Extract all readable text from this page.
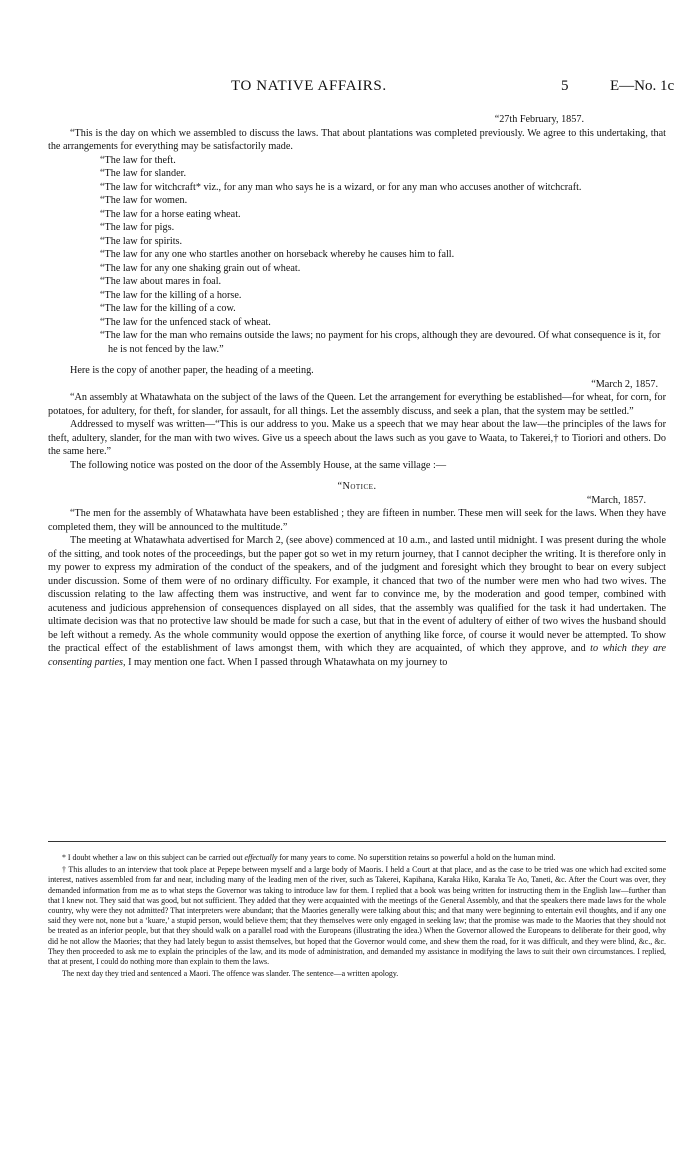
TO NATIVE AFFAIRS.	5	E—No. 1c

“27th February, 1857.

“This is the day on which we assembled to discuss the laws. That about plantations was completed previously. We agree to this undertaking, that the arrangements for everything may be satisfactorily made.

“The law for theft.

“The law for slander.

“The law for witchcraft* viz., for any man who says he is a wizard, or for any man who accuses another of witchcraft.

“The law for women.

“The law for a horse eating wheat.

“The law for pigs.

“The law for spirits.

“The law for any one who startles another on horseback whereby he causes him to fall.

“The law for any one shaking grain out of wheat.

“The law about mares in foal.

“The law for the killing of a horse.

“The law for the killing of a cow.

“The law for the unfenced stack of wheat.

“The law for the man who remains outside the laws; no payment for his crops, although they are devoured. Of what consequence is it, for he is not fenced by the law.”

Here is the copy of another paper, the heading of a meeting.

“March 2, 1857.

“An assembly at Whatawhata on the subject of the laws of the Queen. Let the arrangement for everything be established—for wheat, for corn, for potatoes, for adultery, for theft, for slander, for assault, for all things. Let the assembly discuss, and seek a plan, that the system may be settled.”

Addressed to myself was written—“This is our address to you. Make us a speech that we may hear about the law—the principles of the laws for theft, adultery, slander, for the man with two wives. Give us a speech about the laws such as you gave to Waata, to Takerei,† to Tioriori and others. Do the same here.”

The following notice was posted on the door of the Assembly House, at the same village :—

“Notice.

“March, 1857.

“The men for the assembly of Whatawhata have been established ; they are fifteen in number. These men will seek for the laws. When they have completed them, they will be announced to the multitude.”

The meeting at Whatawhata advertised for March 2, (see above) commenced at 10 a.m., and lasted until midnight. I was present during the whole of the sitting, and took notes of the proceedings, but the paper got so wet in my return journey, that I cannot decipher the writing. It is therefore only in my power to express my admiration of the conduct of the speakers, and of the judgment and foresight which they brought to bear on every subject under discussion. Some of them were of no ordinary difficulty. For example, it chanced that two of the number were men who had two wives. The discussion relating to the law affecting them was instructive, and went far to convince me, by the moderation and good temper, combined with acuteness and judicious apprehension of consequences displayed on all sides, that the assembly was qualified for the task it had undertaken. The ultimate decision was that no protective law should be made for such a case, but that in the event of adultery of either of two wives the husband should be left without a remedy. As the whole community would oppose the exertion of anything like force, of course it would never be attempted. To show the practical effect of the establishment of laws amongst them, with which they are acquainted, of which they approve, and to which they are consenting parties, I may mention one fact. When I passed through Whatawhata on my journey to

* I doubt whether a law on this subject can be carried out effectually for many years to come. No superstition retains so powerful a hold on the human mind.

† This alludes to an interview that took place at Pepepe between myself and a large body of Maoris. I held a Court at that place, and as the case to be tried was one which had excited some interest, natives assembled from far and near, including many of the leading men of the river, such as Takerei, Kapihana, Karaka Hiko, Karaka Te Ao, Taneti, &c. After the Court was over, they demanded information from me as to what steps the Governor was taking to introduce law for them. I replied that a book was being written for instructing them in the English law—further than that I knew not. They said that was good, but not sufficient. They added that they were acquainted with the meetings of the General Assembly, and that the speakers there made laws for the whole country, why were they not admitted? That interpreters were abundant; that the Maories generally were talking about this; and that many were beginning to entertain evil thoughts, and if any one said they were not, none but a ‘kuare,’ a stupid person, would believe them; that they themselves were only engaged in seeking law; that the promise was made to the Maories that they should not be treated as an inferior people, but that they should walk on a parallel road with the Europeans (illustrating the idea.) When the Governor allowed the Europeans to deliberate for their good, why did he not allow the Maories; that they had lately begun to assist themselves, but hoped that the Governor would come, and shew them the road, for it was difficult, and they were blind, &c., &c. They then proceeded to ask me to explain the principles of the law, and its mode of administration, and demanded my assistance in modifying the laws to suit their own circumstances. I replied, that at present, I could do nothing more than explain to them the laws.

The next day they tried and sentenced a Maori. The offence was slander. The sentence—a written apology.
